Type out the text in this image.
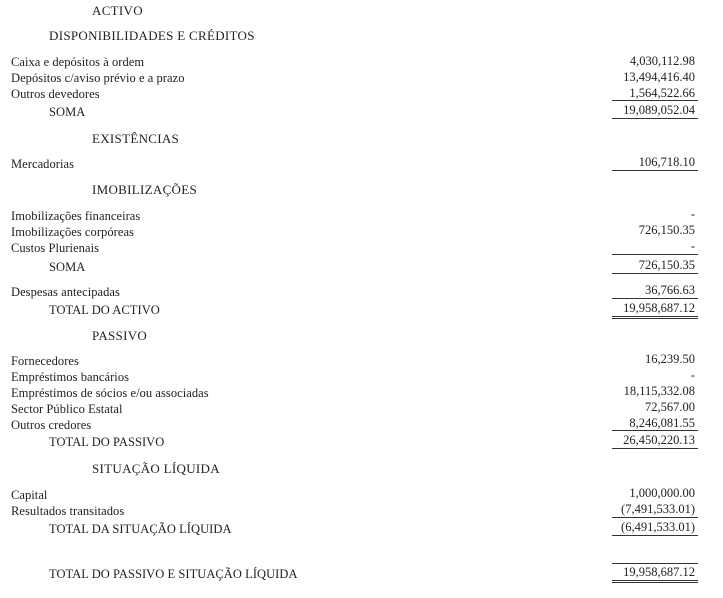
ACTIVO
DISPONIBILIDADES E CRÉDITOS
Caixa e depósitos à ordem	4,030,112.98
Depósitos c/aviso prévio e a prazo	13,494,416.40
Outros devedores	1,564,522.66
SOMA	19,089,052.04
EXISTÊNCIAS
Mercadorias	106,718.10
IMOBILIZAÇÕES
Imobilizações financeiras	-
Imobilizações corpóreas	726,150.35
Custos Plurienais	-
SOMA	726,150.35
Despesas antecipadas	36,766.63
TOTAL DO ACTIVO	19,958,687.12
PASSIVO
Fornecedores	16,239.50
Empréstimos bancários	-
Empréstimos de sócios e/ou associadas	18,115,332.08
Sector Público Estatal	72,567.00
Outros credores	8,246,081.55
TOTAL DO PASSIVO	26,450,220.13
SITUAÇÃO LÍQUIDA
Capital	1,000,000.00
Resultados transitados	(7,491,533.01)
TOTAL DA SITUAÇÃO LÍQUIDA	(6,491,533.01)
TOTAL DO PASSIVO E SITUAÇÃO LÍQUIDA	19,958,687.12
